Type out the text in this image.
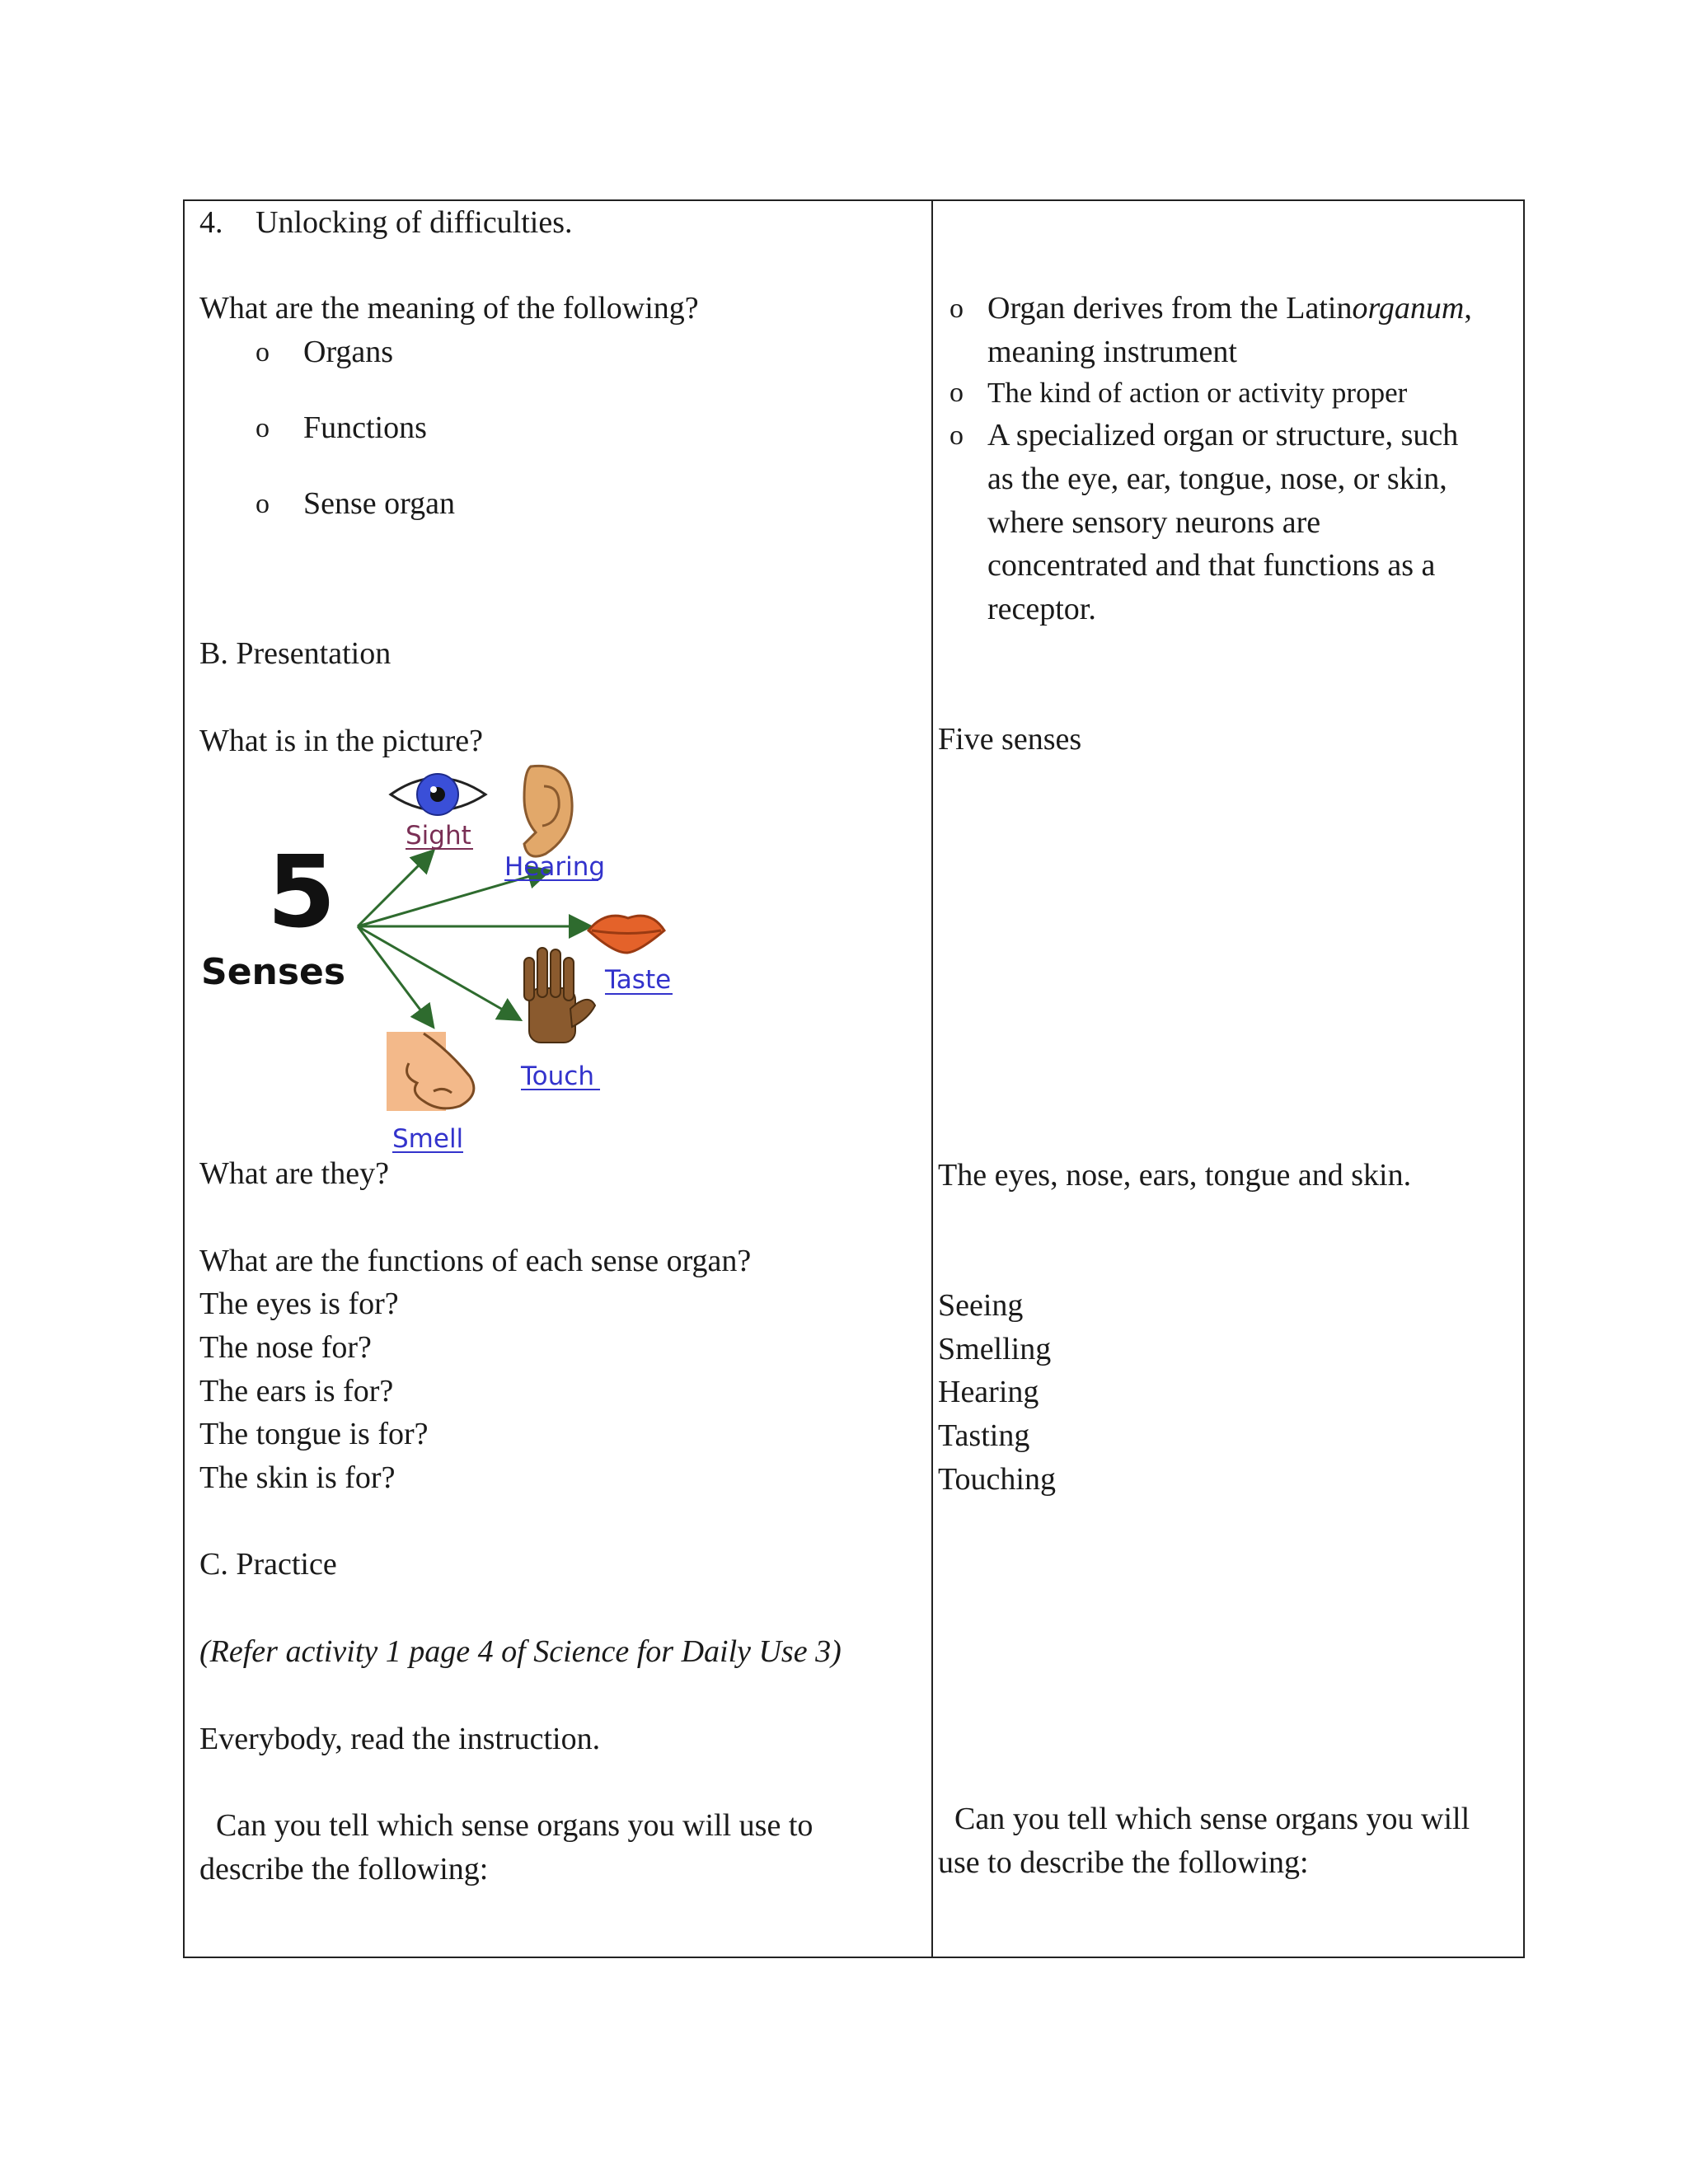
4. Unlocking of difficulties.
What are the meaning of the following?
o Organs
o Functions
o Sense organ
B. Presentation
What is in the picture?
5
Senses
Sight
Hearing
Taste
Touch
Smell
What are they?
What are the functions of each sense organ?
The eyes is for?
The nose for?
The ears is for?
The tongue is for?
The skin is for?
C. Practice
(Refer activity 1 page 4 of Science for Daily Use 3)
Everybody, read the instruction.
Can you tell which sense organs you will use to
describe the following:
o Organ derives from the Latinorganum,
meaning instrument
o The kind of action or activity proper
o A specialized organ or structure, such
as the eye, ear, tongue, nose, or skin,
where sensory neurons are
concentrated and that functions as a
receptor.
Five senses
The eyes, nose, ears, tongue and skin.
Seeing
Smelling
Hearing
Tasting
Touching
Can you tell which sense organs you will
use to describe the following:
